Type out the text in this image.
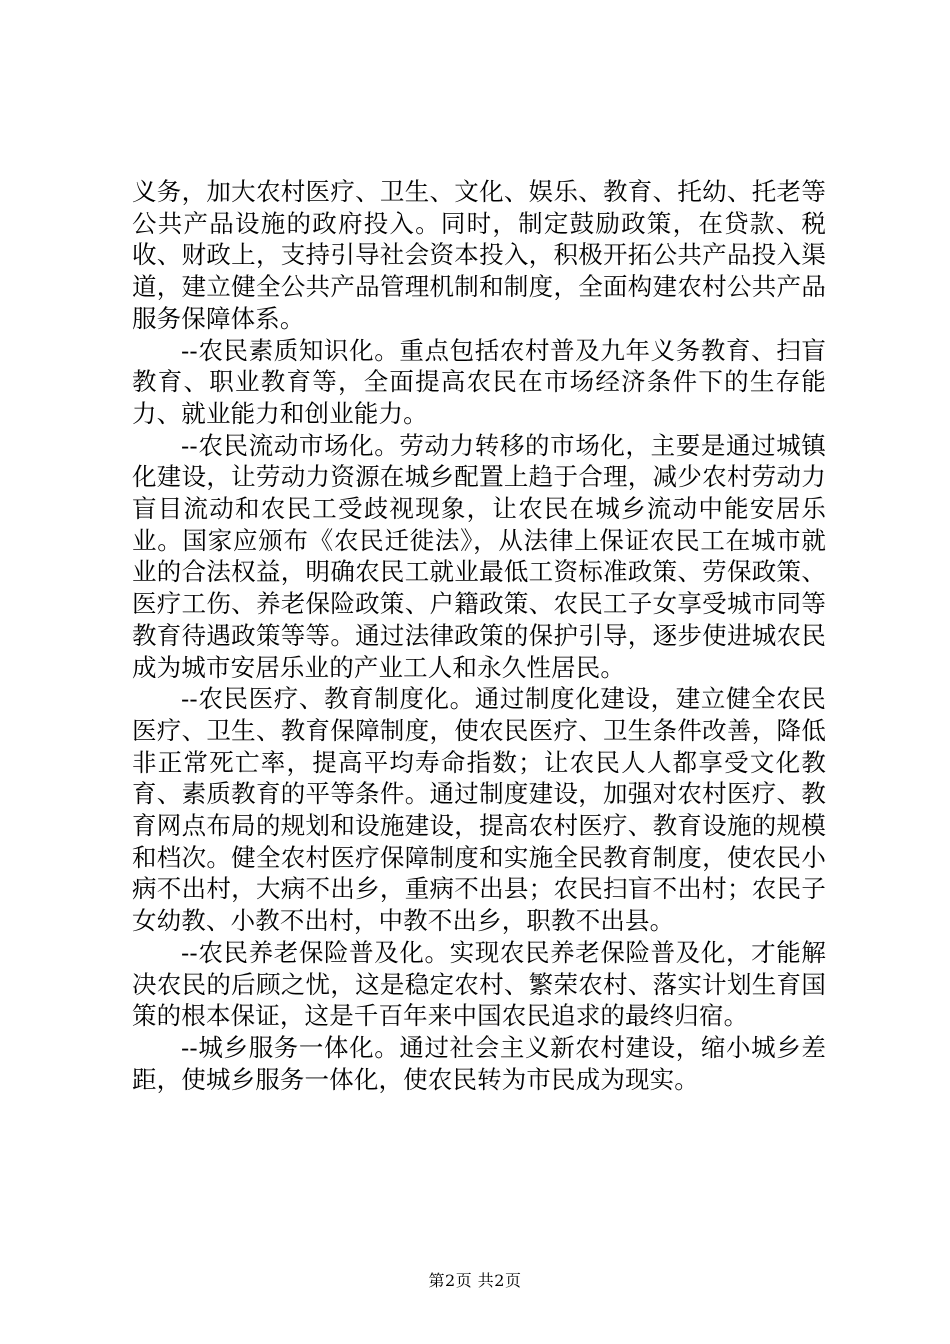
义务，加大农村医疗、卫生、文化、娱乐、教育、托幼、托老等公共产品设施的政府投入。同时，制定鼓励政策，在贷款、税收、财政上，支持引导社会资本投入，积极开拓公共产品投入渠道，建立健全公共产品管理机制和制度，全面构建农村公共产品服务保障体系。

--农民素质知识化。重点包括农村普及九年义务教育、扫盲教育、职业教育等，全面提高农民在市场经济条件下的生存能力、就业能力和创业能力。

--农民流动市场化。劳动力转移的市场化，主要是通过城镇化建设，让劳动力资源在城乡配置上趋于合理，减少农村劳动力盲目流动和农民工受歧视现象，让农民在城乡流动中能安居乐业。国家应颁布《农民迁徙法》，从法律上保证农民工在城市就业的合法权益，明确农民工就业最低工资标准政策、劳保政策、医疗工伤、养老保险政策、户籍政策、农民工子女享受城市同等教育待遇政策等等。通过法律政策的保护引导，逐步使进城农民成为城市安居乐业的产业工人和永久性居民。

--农民医疗、教育制度化。通过制度化建设，建立健全农民医疗、卫生、教育保障制度，使农民医疗、卫生条件改善，降低非正常死亡率，提高平均寿命指数；让农民人人都享受文化教育、素质教育的平等条件。通过制度建设，加强对农村医疗、教育网点布局的规划和设施建设，提高农村医疗、教育设施的规模和档次。健全农村医疗保障制度和实施全民教育制度，使农民小病不出村，大病不出乡，重病不出县；农民扫盲不出村；农民子女幼教、小教不出村，中教不出乡，职教不出县。

--农民养老保险普及化。实现农民养老保险普及化，才能解决农民的后顾之忧，这是稳定农村、繁荣农村、落实计划生育国策的根本保证，这是千百年来中国农民追求的最终归宿。

--城乡服务一体化。通过社会主义新农村建设，缩小城乡差距，使城乡服务一体化，使农民转为市民成为现实。

第2页 共2页
